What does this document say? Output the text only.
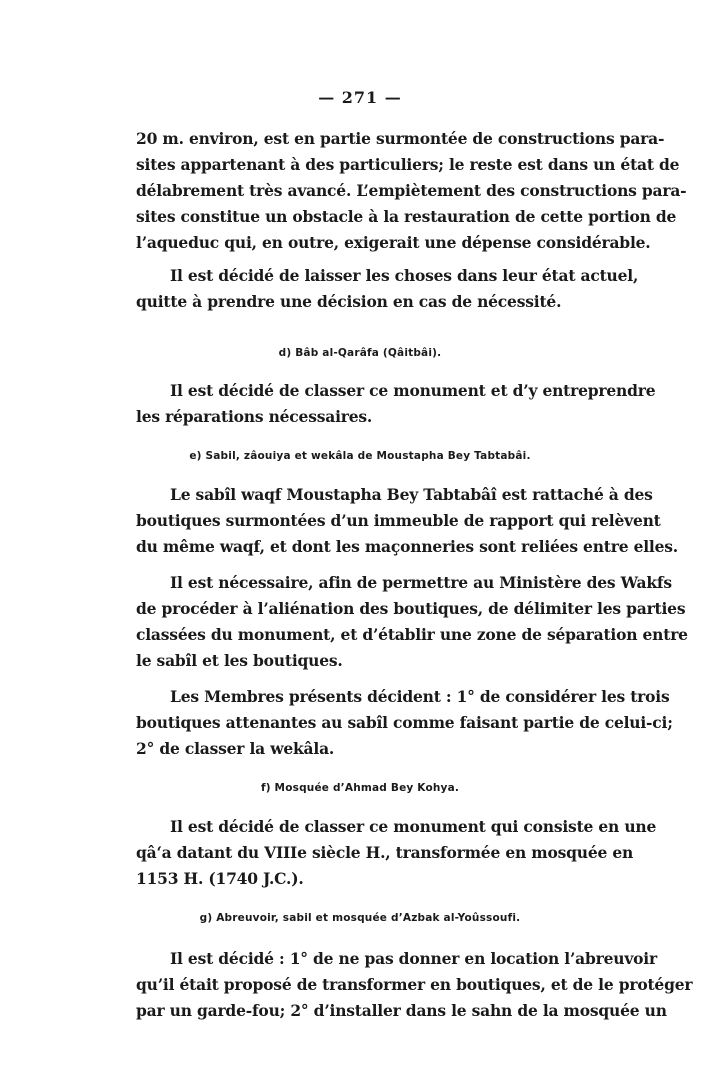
— 271 —
20 m. environ, est en partie surmontée de constructions para-
sites appartenant à des particuliers; le reste est dans un état de
délabrement très avancé. L’empiètement des constructions para-
sites constitue un obstacle à la restauration de cette portion de
l’aqueduc qui, en outre, exigerait une dépense considérable.
Il est décidé de laisser les choses dans leur état actuel,
quitte à prendre une décision en cas de nécessité.
d) Bâb al-Qarâfa (Qâitbâi).
Il est décidé de classer ce monument et d’y entreprendre
les réparations nécessaires.
e) Sabil, zâouiya et wekâla de Moustapha Bey Tabtabâi.
Le sabîl waqf Moustapha Bey Tabtabâî est rattaché à des
boutiques surmontées d’un immeuble de rapport qui relèvent
du même waqf, et dont les maçonneries sont reliées entre elles.
Il est nécessaire, afin de permettre au Ministère des Wakfs
de procéder à l’aliénation des boutiques, de délimiter les parties
classées du monument, et d’établir une zone de séparation entre
le sabîl et les boutiques.
Les Membres présents décident : 1° de considérer les trois
boutiques attenantes au sabîl comme faisant partie de celui-ci;
2° de classer la wekâla.
f) Mosquée d’Ahmad Bey Kohya.
Il est décidé de classer ce monument qui consiste en une
qâ‘a datant du VIIIe siècle H., transformée en mosquée en
1153 H. (1740 J.C.).
g) Abreuvoir, sabil et mosquée d’Azbak al-Yoûssoufi.
Il est décidé : 1° de ne pas donner en location l’abreuvoir
qu’il était proposé de transformer en boutiques, et de le protéger
par un garde-fou; 2° d’installer dans le sahn de la mosquée un
